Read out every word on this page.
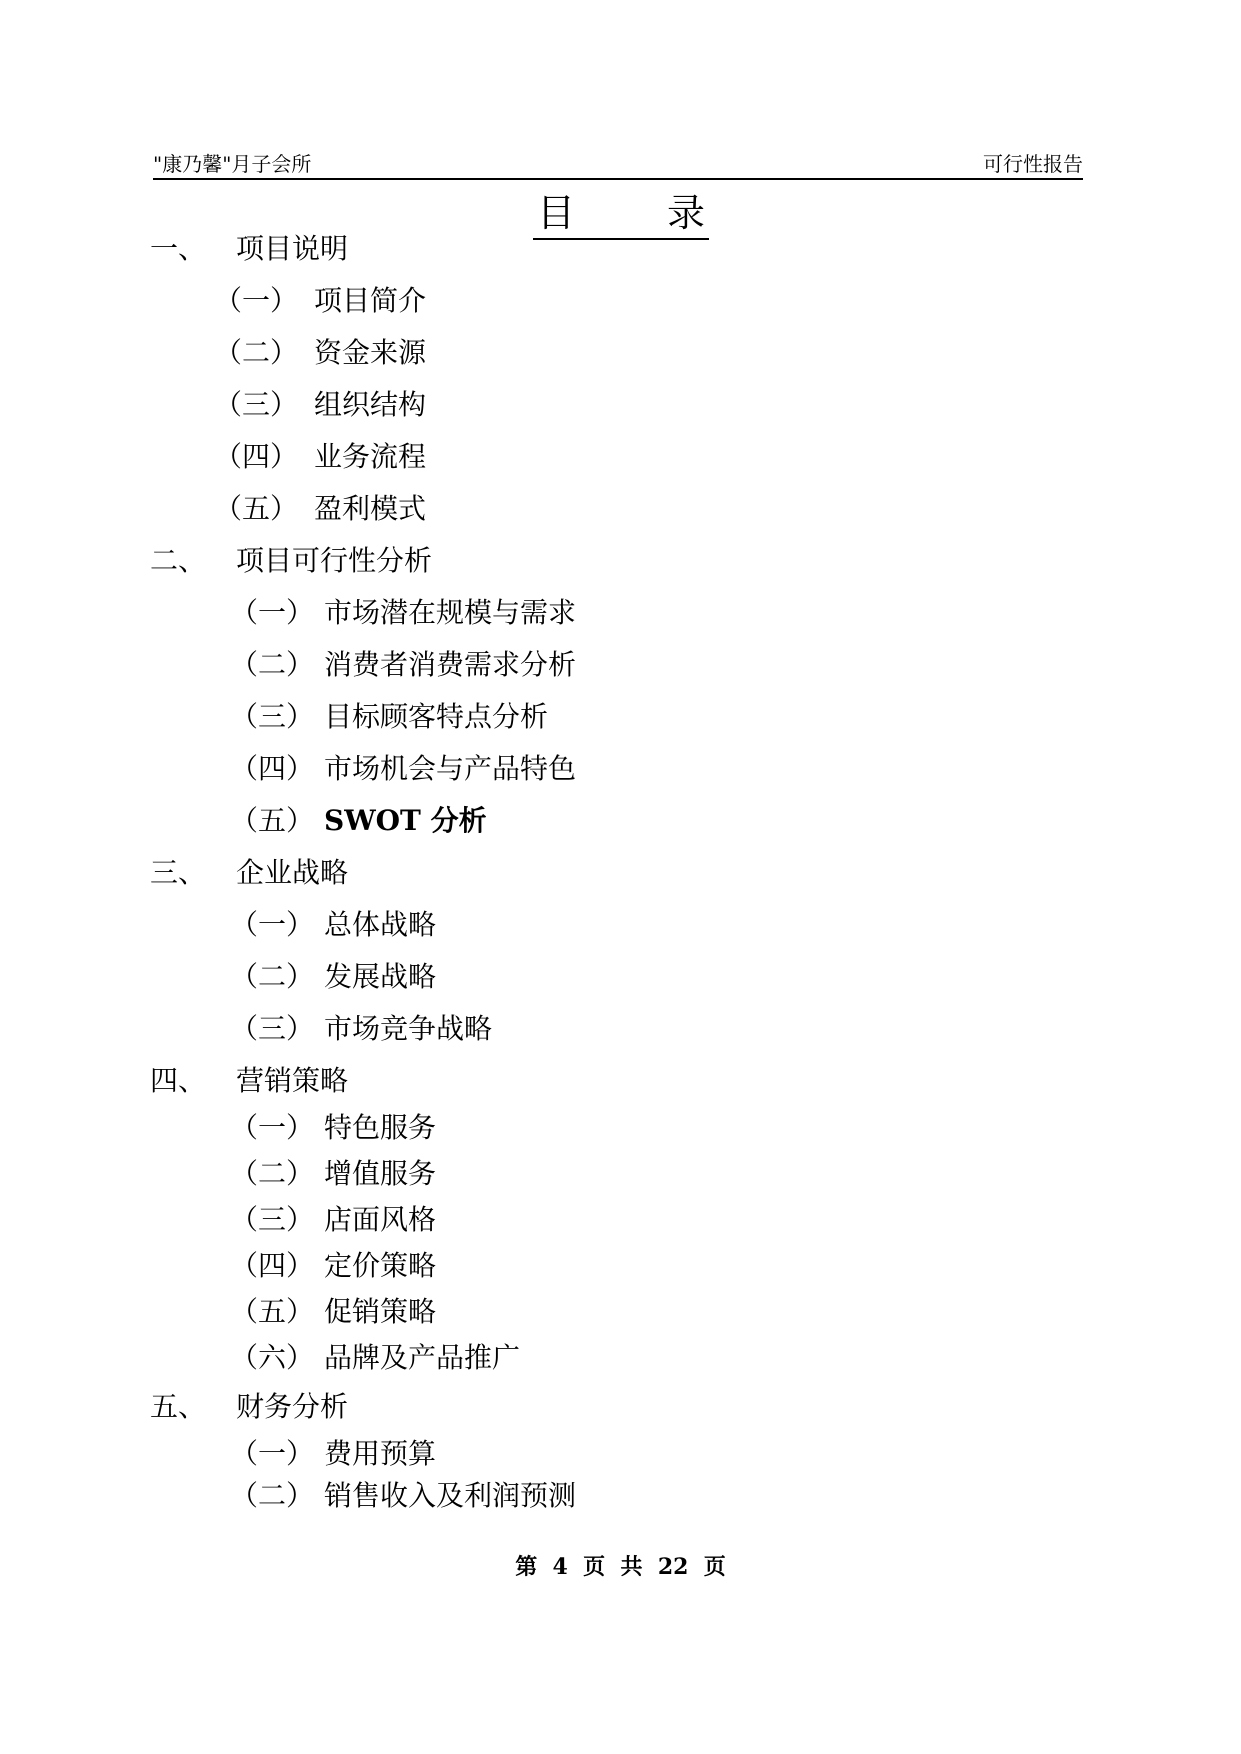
"康乃馨"月子会所	可行性报告
目 录
一、 项目说明
（一） 项目简介
（二） 资金来源
（三） 组织结构
（四） 业务流程
（五） 盈利模式
二、 项目可行性分析
（一） 市场潜在规模与需求
（二） 消费者消费需求分析
（三） 目标顾客特点分析
（四） 市场机会与产品特色
（五） SWOT 分析
三、 企业战略
（一） 总体战略
（二） 发展战略
（三） 市场竞争战略
四、 营销策略
（一） 特色服务
（二） 增值服务
（三） 店面风格
（四） 定价策略
（五） 促销策略
（六） 品牌及产品推广
五、 财务分析
（一） 费用预算
（二） 销售收入及利润预测
第  4  页  共  22  页
